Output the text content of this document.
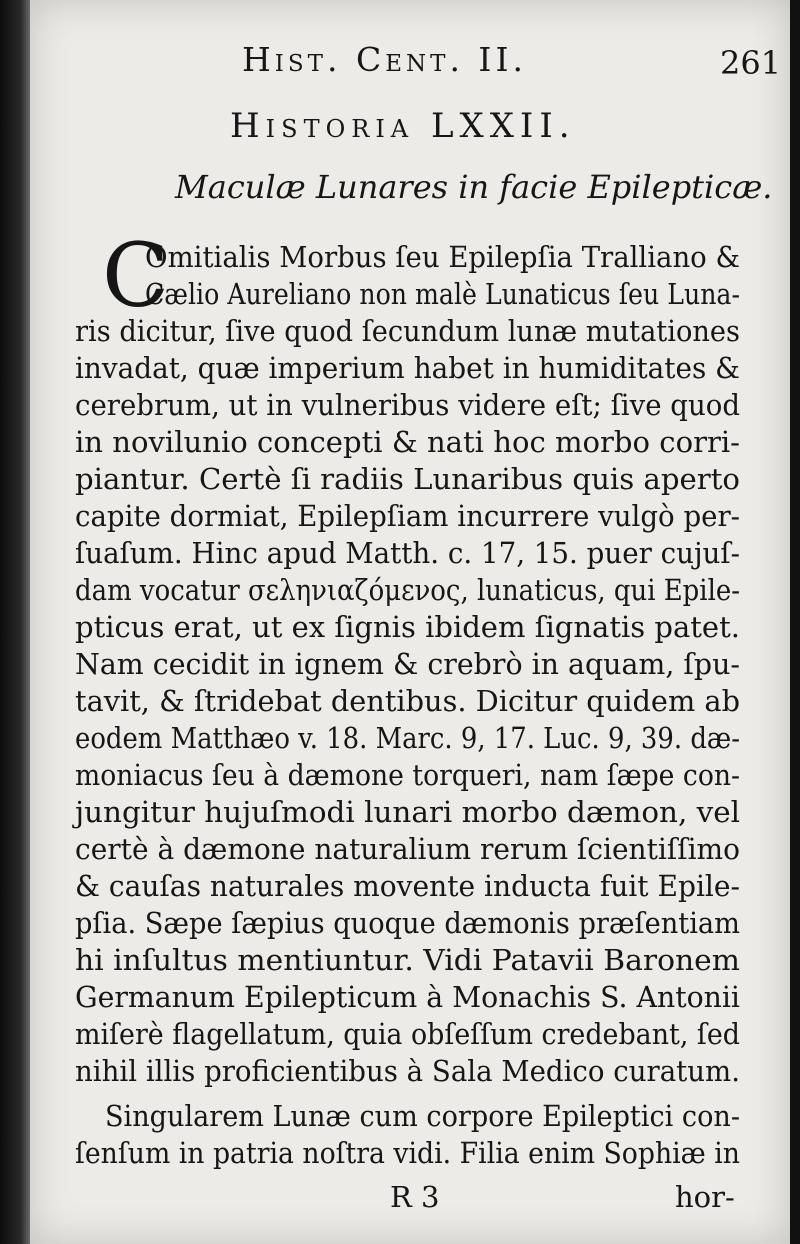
Hist. Cent. II.	261
Historia LXXII.
Maculæ Lunares in facie Epilepticæ.
C
Omitialis Morbus ſeu Epilepſia Tralliano &
Cælio Aureliano non malè Lunaticus ſeu Luna-
ris dicitur, ſive quod ſecundum lunæ mutationes
invadat, quæ imperium habet in humiditates &
cerebrum, ut in vulneribus videre eſt; ſive quod
in novilunio concepti & nati hoc morbo corri-
piantur. Certè ſi radiis Lunaribus quis aperto
capite dormiat, Epilepſiam incurrere vulgò per-
ſuaſum. Hinc apud Matth. c. 17, 15. puer cujuſ-
dam vocatur σεληνιαζόμενος, lunaticus, qui Epile-
pticus erat, ut ex ſignis ibidem ſignatis patet.
Nam cecidit in ignem & crebrò in aquam, ſpu-
tavit, & ſtridebat dentibus. Dicitur quidem ab
eodem Matthæo v. 18. Marc. 9, 17. Luc. 9, 39. dæ-
moniacus ſeu à dæmone torqueri, nam ſæpe con-
jungitur hujuſmodi lunari morbo dæmon, vel
certè à dæmone naturalium rerum ſcientiſſimo
& cauſas naturales movente inducta fuit Epile-
pſia. Sæpe ſæpius quoque dæmonis præſentiam
hi inſultus mentiuntur. Vidi Patavii Baronem
Germanum Epilepticum à Monachis S. Antonii
miſerè flagellatum, quia obſeſſum credebant, ſed
nihil illis proficientibus à Sala Medico curatum.
Singularem Lunæ cum corpore Epileptici con-
ſenſum in patria noſtra vidi. Filia enim Sophiæ in
R 3	hor-
